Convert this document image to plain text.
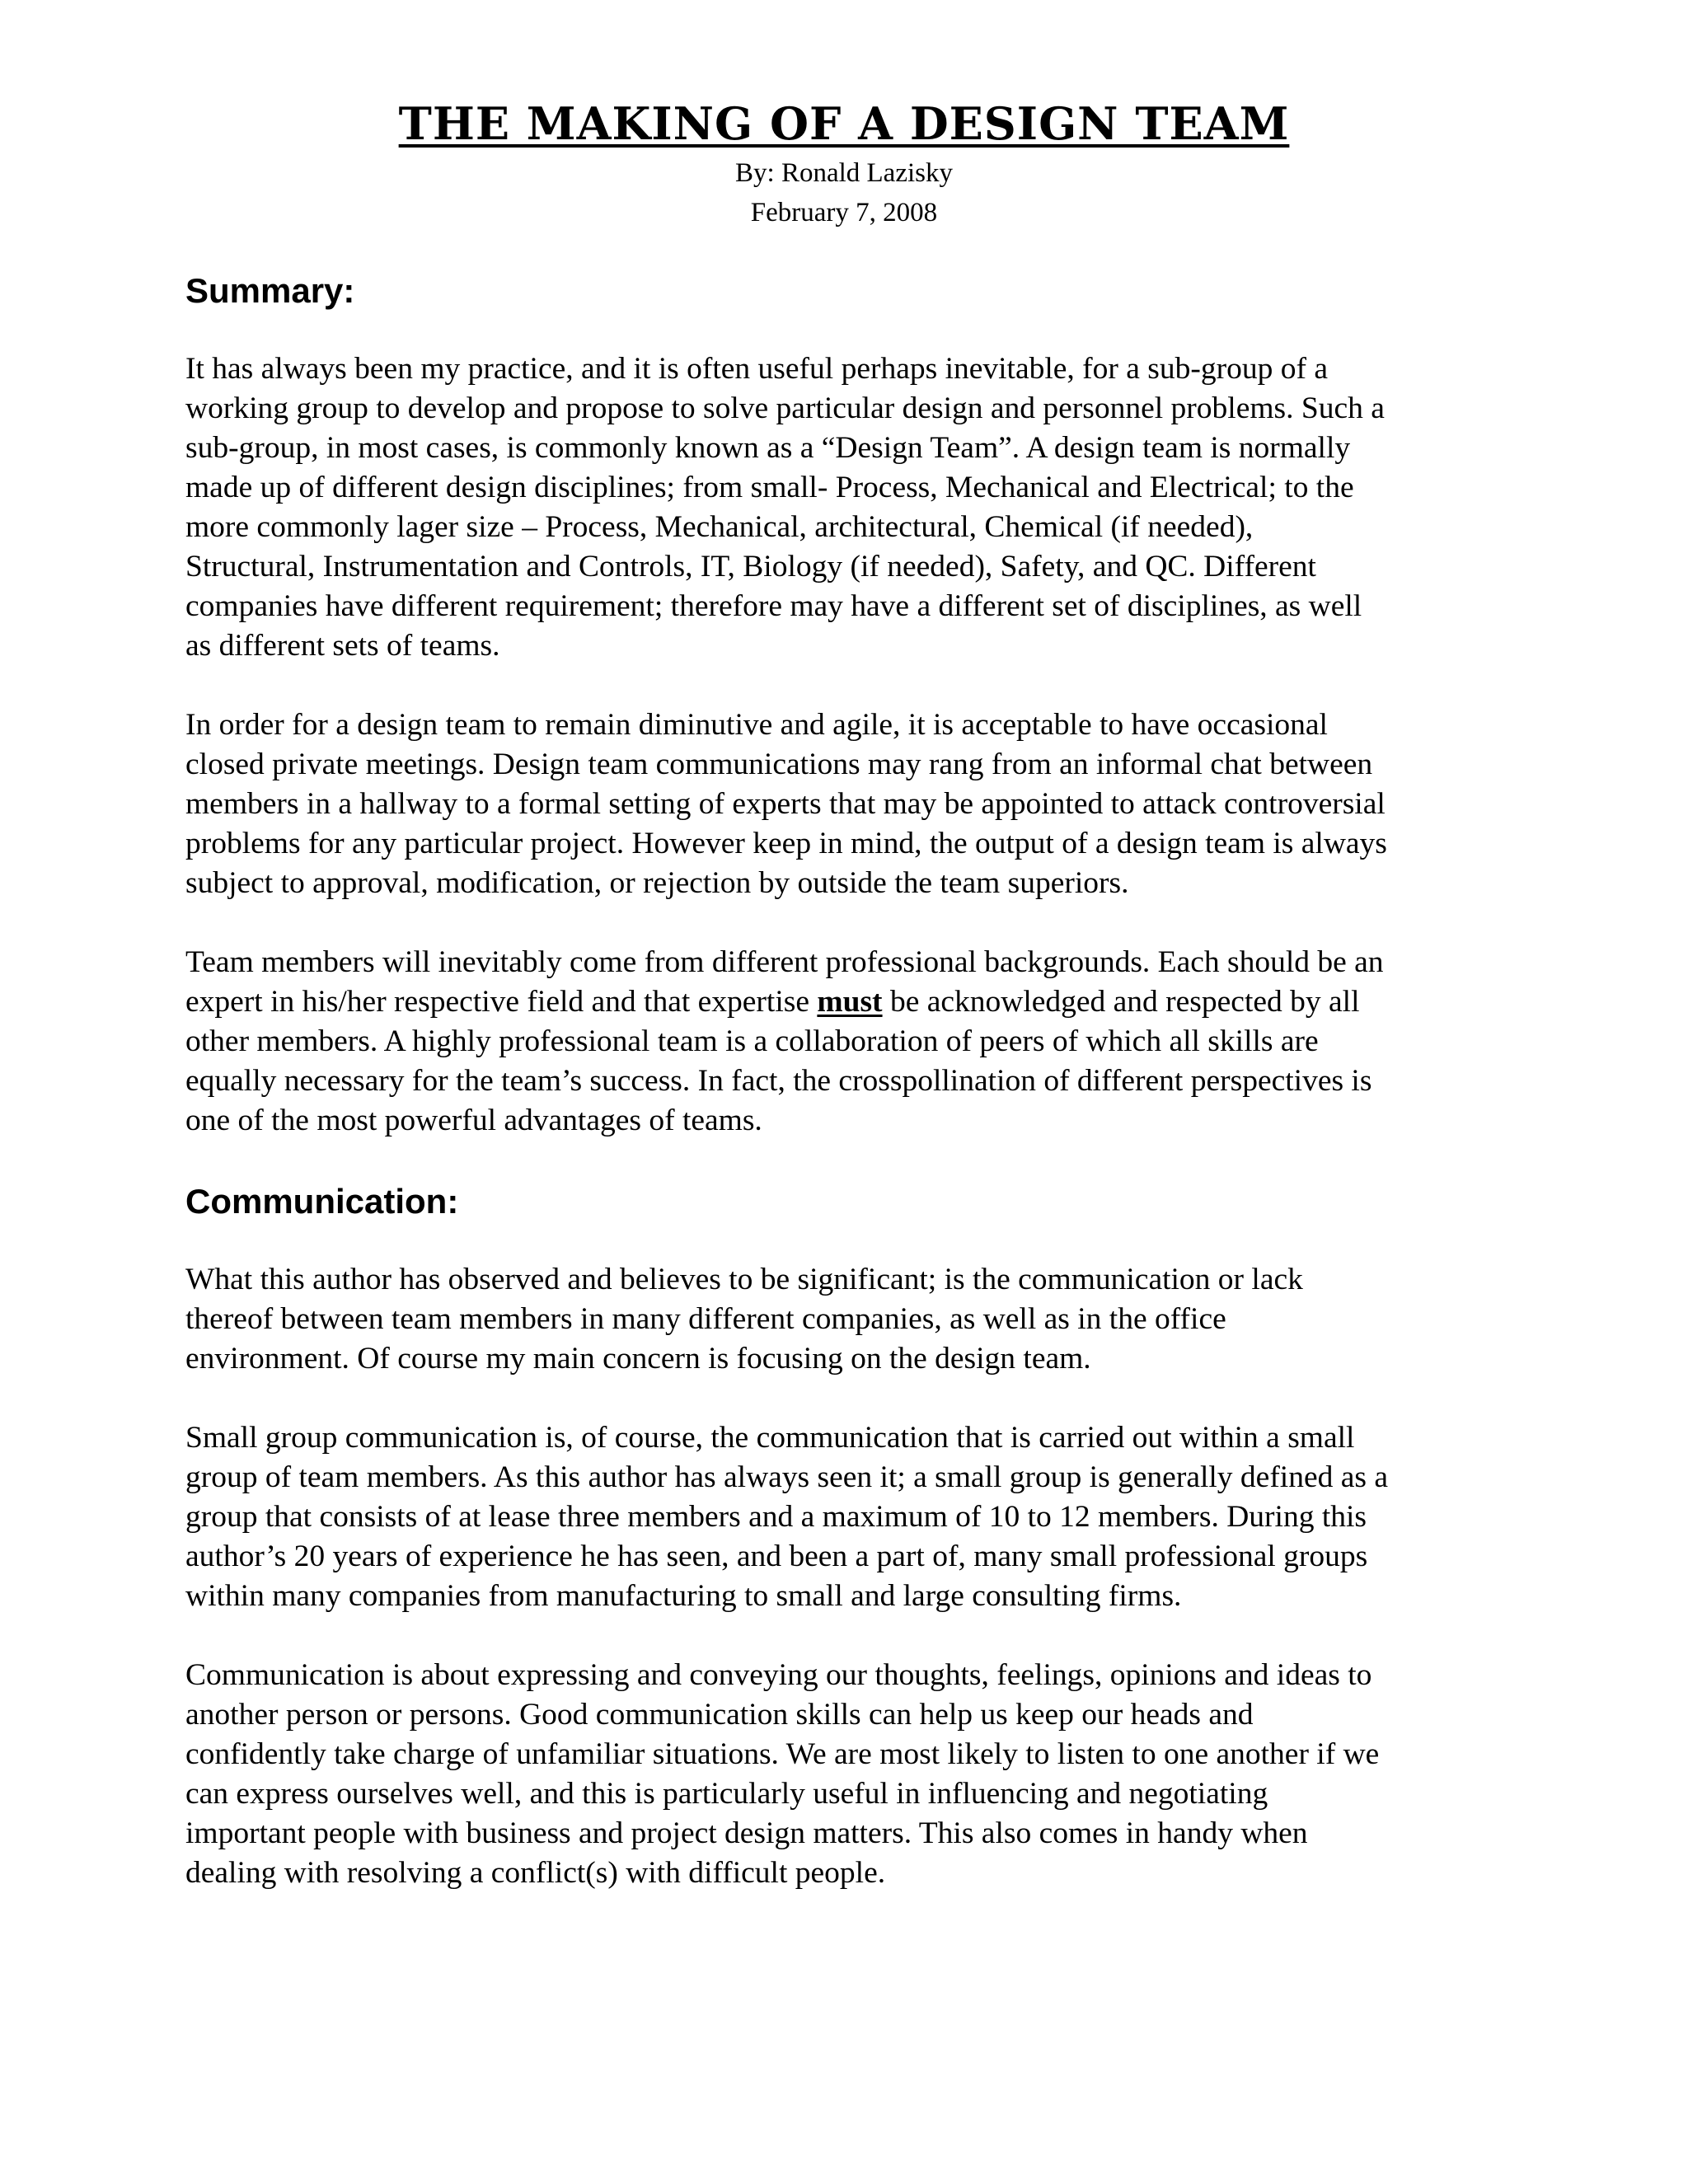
THE MAKING OF A DESIGN TEAM

By: Ronald Lazisky

February 7, 2008

Summary:

It has always been my practice, and it is often useful perhaps inevitable, for a sub-group of a
working group to develop and propose to solve particular design and personnel problems. Such a
sub-group, in most cases, is commonly known as a “Design Team”. A design team is normally
made up of different design disciplines; from small- Process, Mechanical and Electrical; to the
more commonly lager size – Process, Mechanical, architectural, Chemical (if needed),
Structural, Instrumentation and Controls, IT, Biology (if needed), Safety, and QC. Different
companies have different requirement; therefore may have a different set of disciplines, as well
as different sets of teams.

In order for a design team to remain diminutive and agile, it is acceptable to have occasional
closed private meetings. Design team communications may rang from an informal chat between
members in a hallway to a formal setting of experts that may be appointed to attack controversial
problems for any particular project. However keep in mind, the output of a design team is always
subject to approval, modification, or rejection by outside the team superiors.

Team members will inevitably come from different professional backgrounds. Each should be an
expert in his/her respective field and that expertise must be acknowledged and respected by all
other members. A highly professional team is a collaboration of peers of which all skills are
equally necessary for the team’s success. In fact, the crosspollination of different perspectives is
one of the most powerful advantages of teams.

Communication:

What this author has observed and believes to be significant; is the communication or lack
thereof between team members in many different companies, as well as in the office
environment. Of course my main concern is focusing on the design team.

Small group communication is, of course, the communication that is carried out within a small
group of team members. As this author has always seen it; a small group is generally defined as a
group that consists of at lease three members and a maximum of 10 to 12 members. During this
author’s 20 years of experience he has seen, and been a part of, many small professional groups
within many companies from manufacturing to small and large consulting firms.

Communication is about expressing and conveying our thoughts, feelings, opinions and ideas to
another person or persons. Good communication skills can help us keep our heads and
confidently take charge of unfamiliar situations. We are most likely to listen to one another if we
can express ourselves well, and this is particularly useful in influencing and negotiating
important people with business and project design matters. This also comes in handy when
dealing with resolving a conflict(s) with difficult people.
